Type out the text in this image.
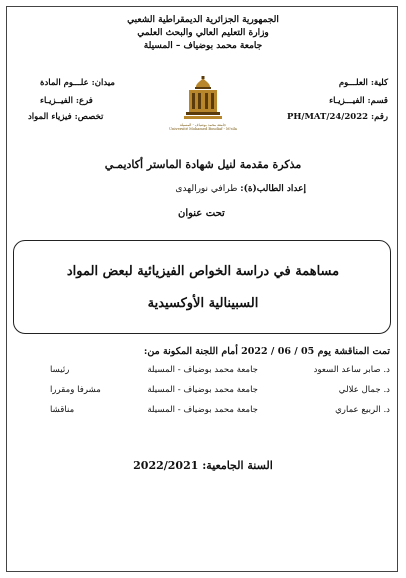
الجمهورية الجزائرية الديمقراطية الشعبي
وزارة التعليم العالي والبحث العلمي
جامعة محمد بوضياف – المسيلة
كلية: العلـــوم
قسم: الفيـــزيـاء
رقم: PH/MAT/24/2022
ميدان: علـــوم المادة
فرع: الفيــزيـاء
تخصص: فيزياء المواد
جامعة محمد بوضياف - المسيلة
Université Mohamed Boudiaf - M'sila
مذكرة مقدمة لنيل شهادة الماستر أكاديمـي
إعداد الطالب(ة): طرافي نورالهدى
تحت عنوان
مساهمة في دراسة الخواص الفيزيائية لبعض المواد
السبينالية الأوكسيدية
تمت المناقشة يوم 05 / 06 / 2022 أمام اللجنة المكونة من:
د. صابر ساعد السعود
جامعة محمد بوضياف - المسيلة
رئيسا
د. جمال علالي
جامعة محمد بوضياف - المسيلة
مشرفا ومقررا
د. الربيع عماري
جامعة محمد بوضياف - المسيلة
مناقشا
السنة الجامعية: 2022/2021
